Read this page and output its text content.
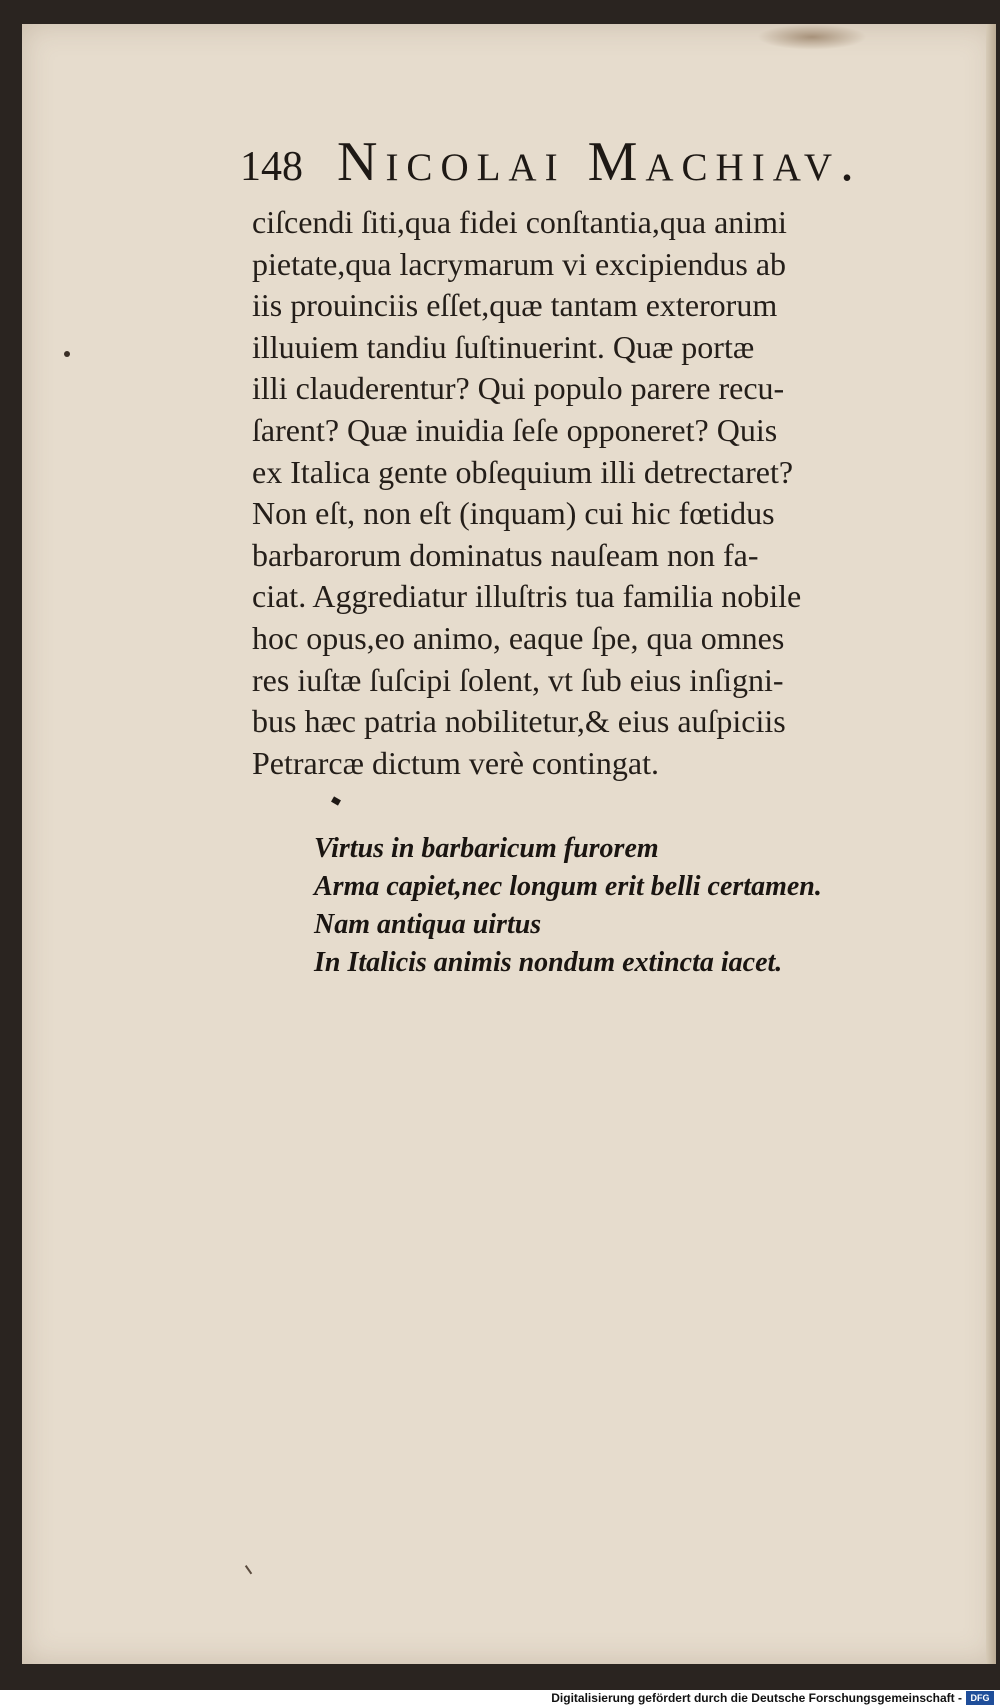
148 Nicolai Machiav.
ciſcendi ſiti,qua fidei conſtantia,qua animi
pietate,qua lacrymarum vi excipiendus ab
iis prouinciis eſſet,quæ tantam exterorum
illuuiem tandiu ſuſtinuerint. Quæ portæ
illi clauderentur? Qui populo parere recu-
ſarent? Quæ inuidia ſeſe opponeret? Quis
ex Italica gente obſequium illi detrectaret?
Non eſt, non eſt (inquam) cui hic fœtidus
barbarorum dominatus nauſeam non fa-
ciat. Aggrediatur illuſtris tua familia nobile
hoc opus,eo animo, eaque ſpe, qua omnes
res iuſtæ ſuſcipi ſolent, vt ſub eius inſigni-
bus hæc patria nobilitetur,& eius auſpiciis
Petrarcæ dictum verè contingat.
Virtus in barbaricum furorem
Arma capiet,nec longum erit belli certamen.
Nam antiqua uirtus
In Italicis animis nondum extincta iacet.
Digitalisierung gefördert durch die Deutsche Forschungsgemeinschaft - DFG
